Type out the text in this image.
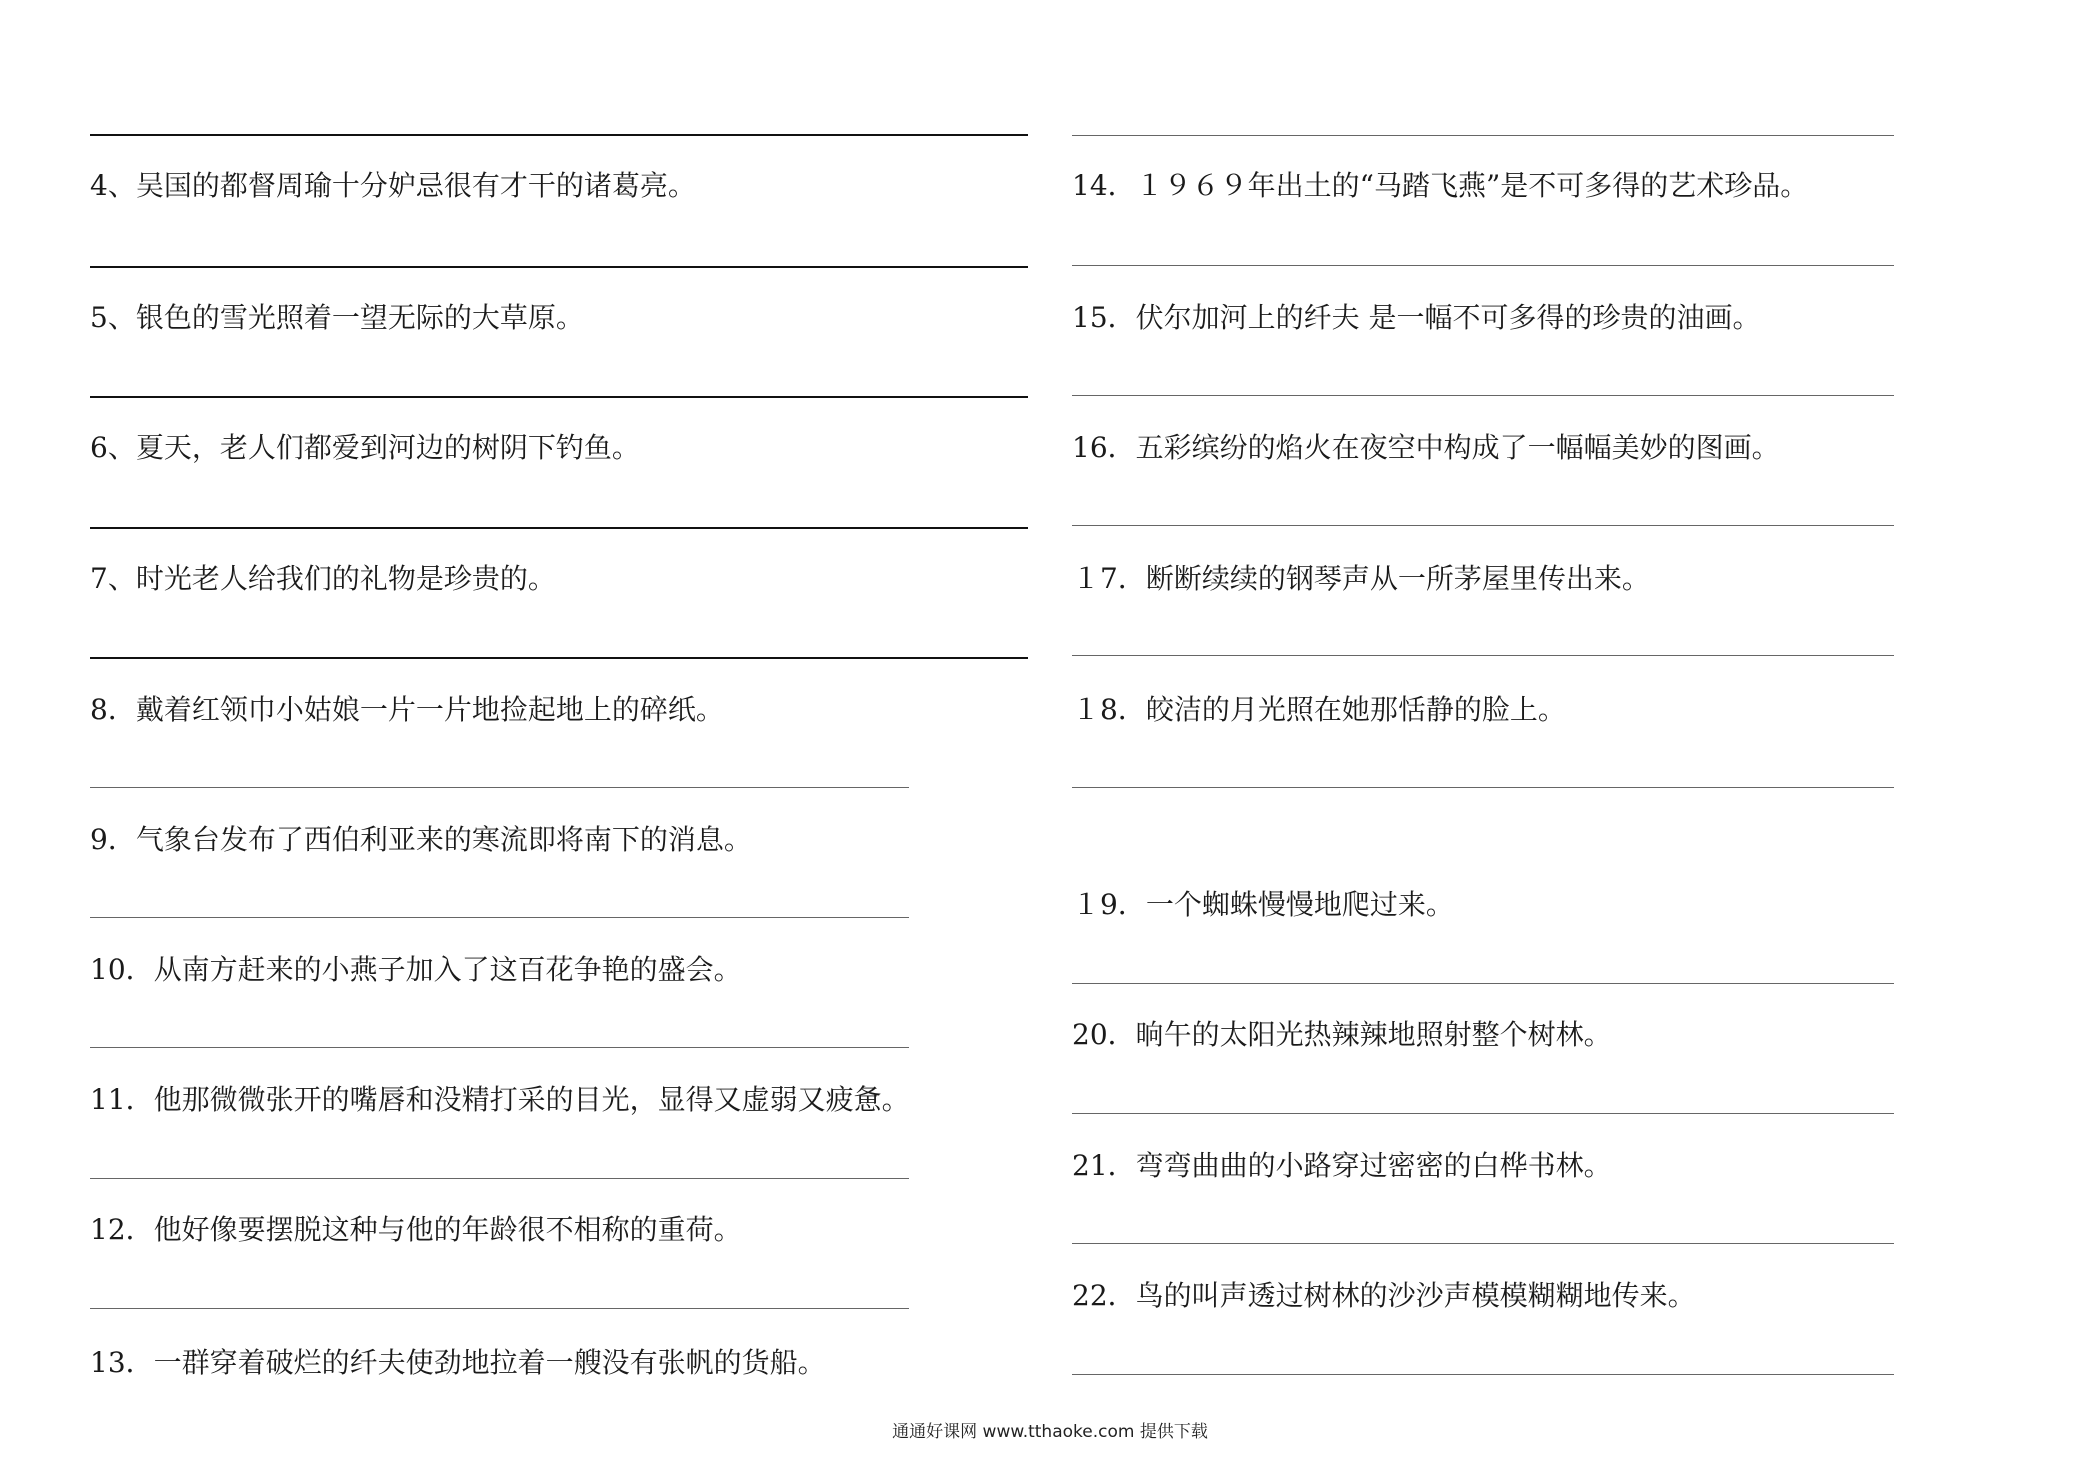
4、吴国的都督周瑜十分妒忌很有才干的诸葛亮。
5、银色的雪光照着一望无际的大草原。
6、夏天，老人们都爱到河边的树阴下钓鱼。
7、时光老人给我们的礼物是珍贵的。
8．戴着红领巾小姑娘一片一片地捡起地上的碎纸。
9．气象台发布了西伯利亚来的寒流即将南下的消息。
10．从南方赶来的小燕子加入了这百花争艳的盛会。
11．他那微微张开的嘴唇和没精打采的目光，显得又虚弱又疲惫。
12．他好像要摆脱这种与他的年龄很不相称的重荷。
13．一群穿着破烂的纤夫使劲地拉着一艘没有张帆的货船。
14．１９６９年出土的“马踏飞燕”是不可多得的艺术珍品。
15．伏尔加河上的纤夫 是一幅不可多得的珍贵的油画。
16．五彩缤纷的焰火在夜空中构成了一幅幅美妙的图画。
１7．断断续续的钢琴声从一所茅屋里传出来。
１8．皎洁的月光照在她那恬静的脸上。
１9．一个蜘蛛慢慢地爬过来。
20．晌午的太阳光热辣辣地照射整个树林。
21．弯弯曲曲的小路穿过密密的白桦书林。
22．鸟的叫声透过树林的沙沙声模模糊糊地传来。
通通好课网 www.tthaoke.com 提供下载
